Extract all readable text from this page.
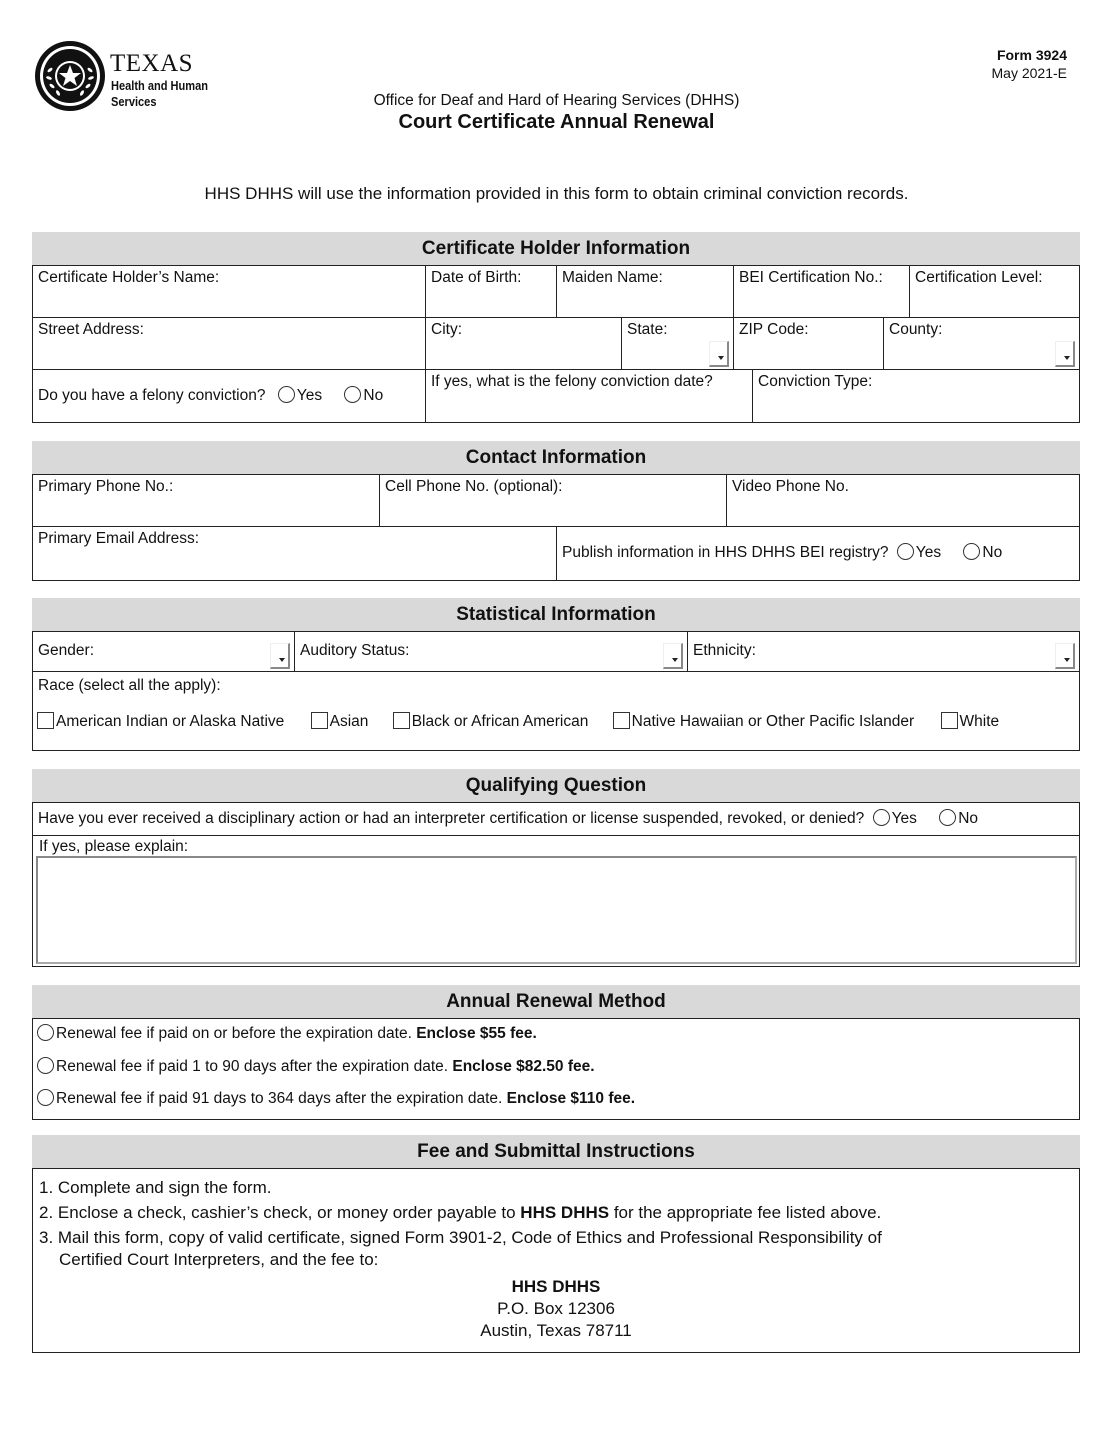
TEXAS
Health and Human
Services
Form 3924
May 2021-E
Office for Deaf and Hard of Hearing Services (DHHS)
Court Certificate Annual Renewal
HHS DHHS will use the information provided in this form to obtain criminal conviction records.
Certificate Holder Information
Certificate Holder’s Name:	Date of Birth:	Maiden Name:	BEI Certification No.:	Certification Level:
Street Address:	City:	State:	ZIP Code:	County:
Do you have a felony conviction? Yes	No
If yes, what is the felony conviction date?	Conviction Type:
Contact Information
Primary Phone No.:	Cell Phone No. (optional):	Video Phone No.
Primary Email Address:
Publish information in HHS DHHS BEI registry? Yes	No
Statistical Information
Gender:	Auditory Status:	Ethnicity:
Race (select all the apply):
American Indian or Alaska Native	Asian	Black or African American	Native Hawaiian or Other Pacific Islander	White
Qualifying Question
Have you ever received a disciplinary action or had an interpreter certification or license suspended, revoked, or denied? Yes	No
If yes, please explain:
Annual Renewal Method
Renewal fee if paid on or before the expiration date. Enclose $55 fee.
Renewal fee if paid 1 to 90 days after the expiration date. Enclose $82.50 fee.
Renewal fee if paid 91 days to 364 days after the expiration date. Enclose $110 fee.
Fee and Submittal Instructions
1. Complete and sign the form.
2. Enclose a check, cashier’s check, or money order payable to HHS DHHS for the appropriate fee listed above.
3. Mail this form, copy of valid certificate, signed Form 3901-2, Code of Ethics and Professional Responsibility of
Certified Court Interpreters, and the fee to:
HHS DHHS
P.O. Box 12306
Austin, Texas 78711
